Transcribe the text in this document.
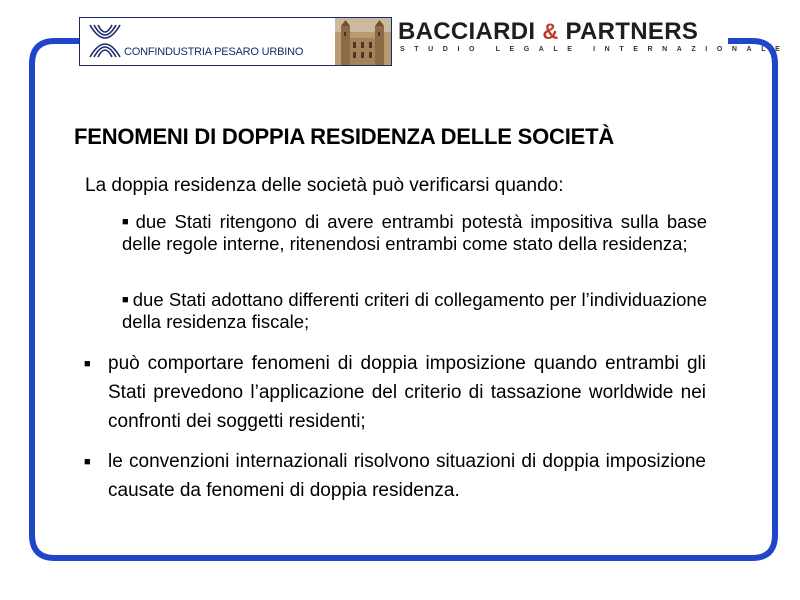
CONFINDUSTRIA PESARO URBINO
BACCIARDI & PARTNERS
STUDIO LEGALE INTERNAZIONALE
FENOMENI DI DOPPIA RESIDENZA DELLE SOCIETÀ
La doppia residenza delle società può verificarsi quando:
■ due Stati ritengono di avere entrambi potestà impositiva sulla base delle regole interne, ritenendosi entrambi come stato della residenza;
■ due Stati adottano differenti criteri di collegamento per l’individuazione della residenza fiscale;
■ può comportare fenomeni di doppia imposizione quando entrambi gli Stati prevedono l’applicazione del criterio di tassazione worldwide nei confronti dei soggetti residenti;
■ le convenzioni internazionali risolvono situazioni di doppia imposizione causate da fenomeni di doppia residenza.
